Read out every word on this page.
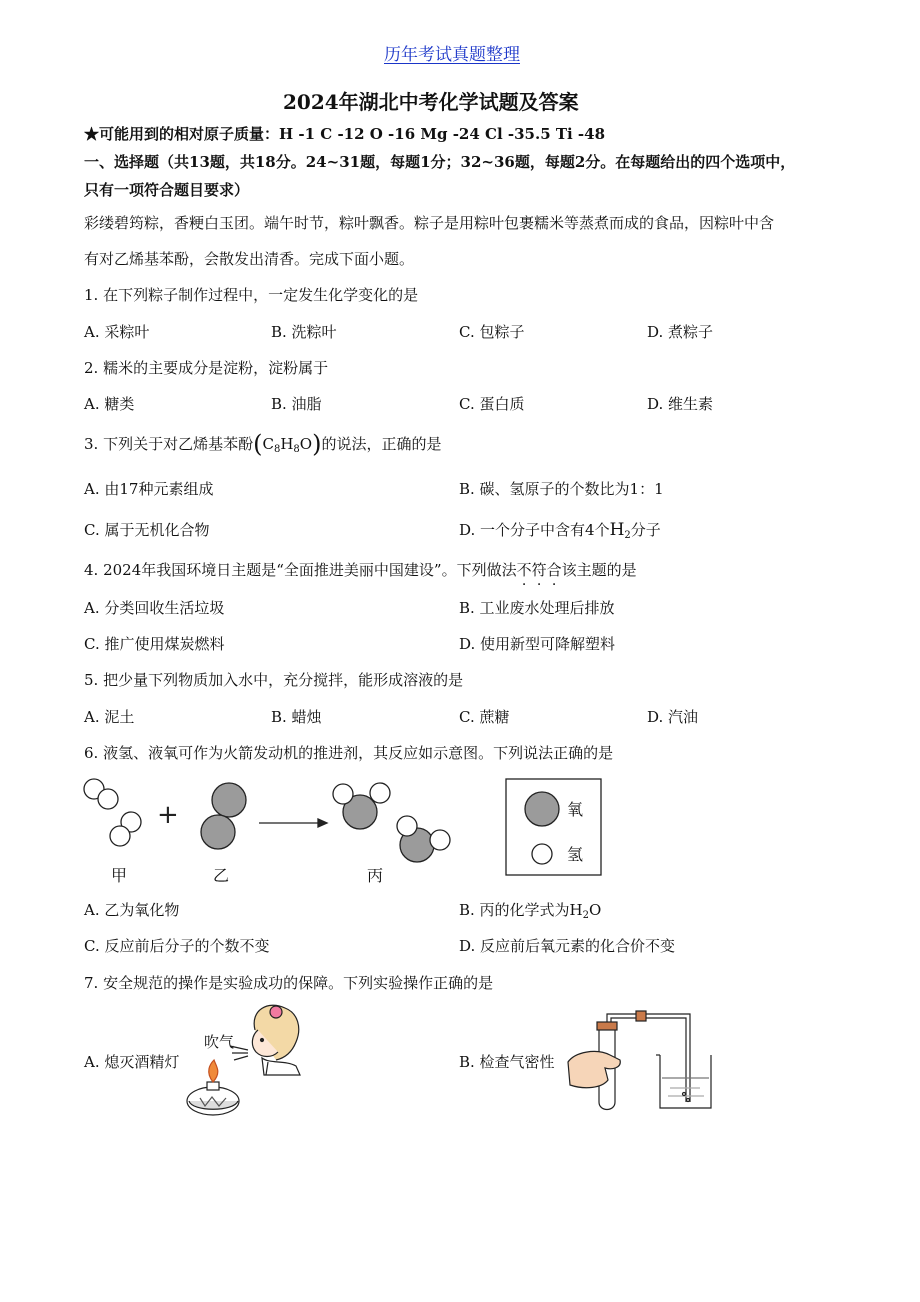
历年考试真题整理
2024年湖北中考化学试题及答案
★可能用到的相对原子质量：H -1 C -12 O -16 Mg -24 Cl -35.5 Ti -48
一、选择题（共13题，共18分。24~31题，每题1分；32~36题，每题2分。在每题给出的四个选项中，
只有一项符合题目要求）
彩缕碧筠粽，香粳白玉团。端午时节，粽叶飘香。粽子是用粽叶包裹糯米等蒸煮而成的食品，因粽叶中含
有对乙烯基苯酚，会散发出清香。完成下面小题。
1. 在下列粽子制作过程中，一定发生化学变化的是
A. 采粽叶	B. 洗粽叶	C. 包粽子	D. 煮粽子
2. 糯米的主要成分是淀粉，淀粉属于
A. 糖类	B. 油脂	C. 蛋白质	D. 维生素
3. 下列关于对乙烯基苯酚$(C_8H_8O)$的说法，正确的是
A. 由17种元素组成	B. 碳、氢原子的个数比为1：1
C. 属于无机化合物	D. 一个分子中含有4个$H_2$分子
4. 2024年我国环境日主题是“全面推进美丽中国建设”。下列做法不符合该主题的是
A. 分类回收生活垃圾	B. 工业废水处理后排放
C. 推广使用煤炭燃料	D. 使用新型可降解塑料
5. 把少量下列物质加入水中，充分搅拌，能形成溶液的是
A. 泥土	B. 蜡烛	C. 蔗糖	D. 汽油
6. 液氢、液氧可作为火箭发动机的推进剂，其反应如示意图。下列说法正确的是
+	氧
氢
甲	乙	丙
A. 乙为氧化物	B. 丙的化学式为$H_2O$
C. 反应前后分子的个数不变	D. 反应前后氧元素的化合价不变
7. 安全规范的操作是实验成功的保障。下列实验操作正确的是
A. 熄灭酒精灯
吹气
B. 检查气密性
